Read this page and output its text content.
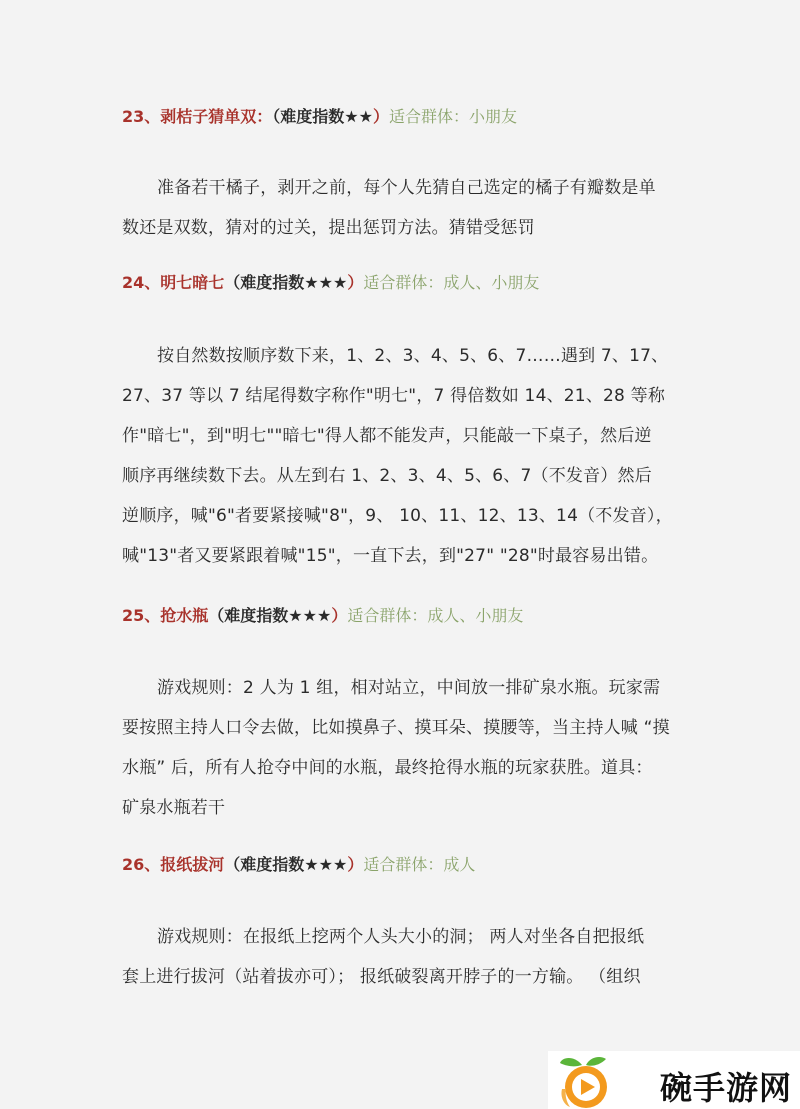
23、剥桔子猜单双：（难度指数★★）适合群体：小朋友
准备若干橘子，剥开之前，每个人先猜自己选定的橘子有瓣数是单
数还是双数，猜对的过关，提出惩罚方法。猜错受惩罚
24、明七暗七（难度指数★★★）适合群体：成人、小朋友
按自然数按顺序数下来，1、2、3、4、5、6、7……遇到 7、17、
27、37 等以 7 结尾得数字称作"明七"，7 得倍数如 14、21、28 等称
作"暗七"，到"明七""暗七"得人都不能发声，只能敲一下桌子，然后逆
顺序再继续数下去。从左到右 1、2、3、4、5、6、7（不发音）然后
逆顺序，喊"6"者要紧接喊"8"，9、 10、11、12、13、14（不发音），
喊"13"者又要紧跟着喊"15"，一直下去，到"27" "28"时最容易出错。
25、抢水瓶（难度指数★★★）适合群体：成人、小朋友
游戏规则：2 人为 1 组，相对站立，中间放一排矿泉水瓶。玩家需
要按照主持人口令去做，比如摸鼻子、摸耳朵、摸腰等，当主持人喊 “摸
水瓶” 后，所有人抢夺中间的水瓶，最终抢得水瓶的玩家获胜。道具：
矿泉水瓶若干
26、报纸拔河（难度指数★★★）适合群体：成人
游戏规则：在报纸上挖两个人头大小的洞； 两人对坐各自把报纸
套上进行拔河（站着拔亦可）； 报纸破裂离开脖子的一方输。 （组织
碗手游网
